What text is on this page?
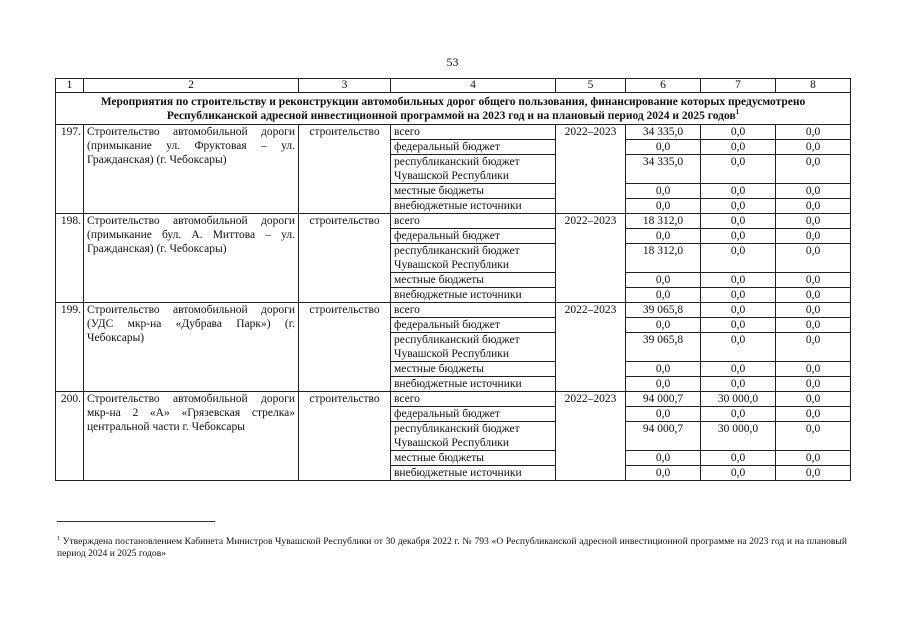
53
1	2	3	4	5	6	7	8
Мероприятия по строительству и реконструкции автомобильных дорог общего пользования, финансирование которых предусмотрено Республиканской адресной инвестиционной программой на 2023 год и на плановый период 2024 и 2025 годов$^1$
197.	Строительство автомобильной дороги (примыкание ул. Фруктовая – ул. Гражданская) (г. Чебоксары)	строительство	всего	2022–2023	34 335,0	0,0	0,0
			федеральный бюджет		0,0	0,0	0,0
			республиканский бюджет Чувашской Республики		34 335,0	0,0	0,0
			местные бюджеты		0,0	0,0	0,0
			внебюджетные источники		0,0	0,0	0,0
198.	Строительство автомобильной дороги (примыкание бул. А. Миттова – ул. Гражданская) (г. Чебоксары)	строительство	всего	2022–2023	18 312,0	0,0	0,0
			федеральный бюджет		0,0	0,0	0,0
			республиканский бюджет Чувашской Республики		18 312,0	0,0	0,0
			местные бюджеты		0,0	0,0	0,0
			внебюджетные источники		0,0	0,0	0,0
199.	Строительство автомобильной дороги (УДС мкр-на «Дубрава Парк») (г. Чебоксары)	строительство	всего	2022–2023	39 065,8	0,0	0,0
			федеральный бюджет		0,0	0,0	0,0
			республиканский бюджет Чувашской Республики		39 065,8	0,0	0,0
			местные бюджеты		0,0	0,0	0,0
			внебюджетные источники		0,0	0,0	0,0
200.	Строительство автомобильной дороги мкр-на 2 «А» «Грязевская стрелка» центральной части г. Чебоксары	строительство	всего	2022–2023	94 000,7	30 000,0	0,0
			федеральный бюджет		0,0	0,0	0,0
			республиканский бюджет Чувашской Республики		94 000,7	30 000,0	0,0
			местные бюджеты		0,0	0,0	0,0
			внебюджетные источники		0,0	0,0	0,0
$^1$ Утверждена постановлением Кабинета Министров Чувашской Республики от 30 декабря 2022 г. № 793 «О Республиканской адресной инвестиционной программе на 2023 год и на плановый период 2024 и 2025 годов»
